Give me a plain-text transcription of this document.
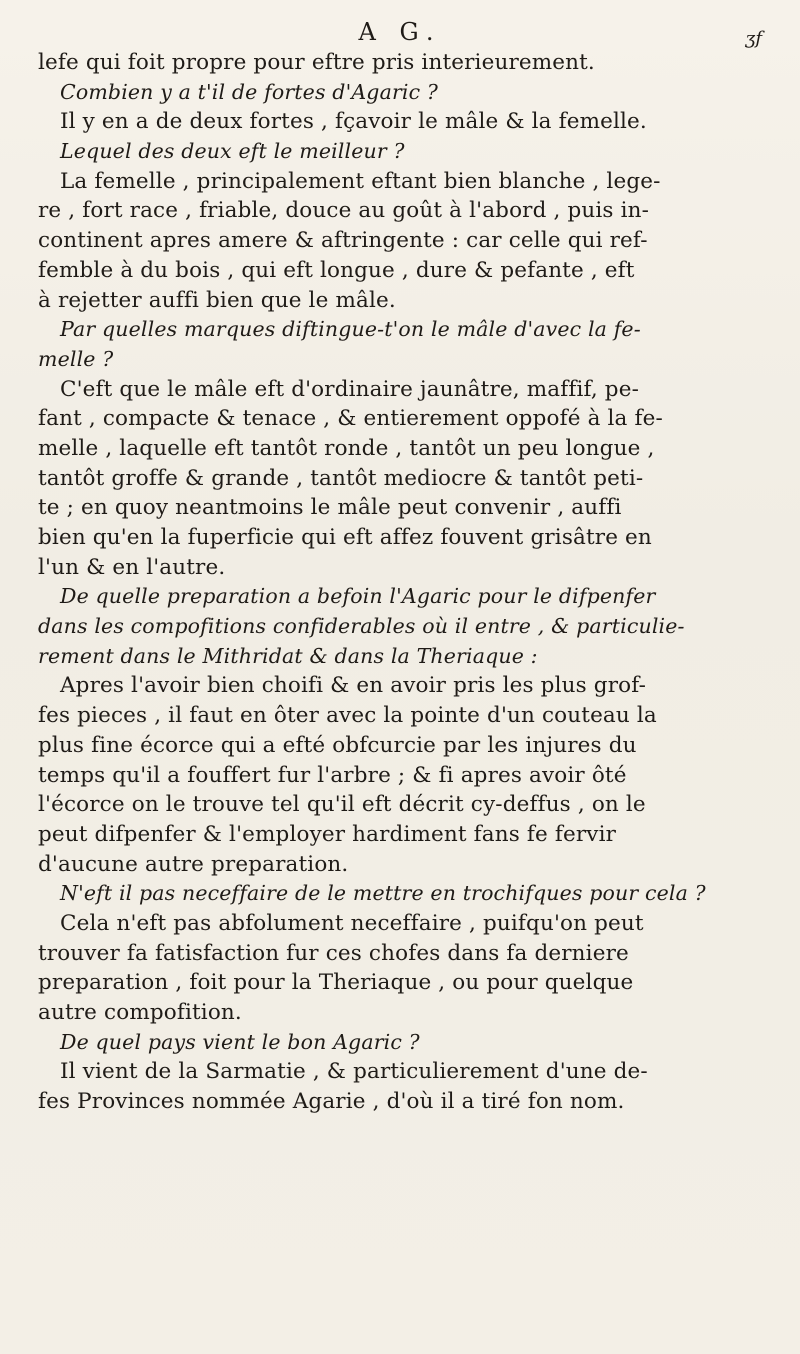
A G.	ʒf
lefe qui foit propre pour eftre pris interieurement.
Combien y a t'il de fortes d'Agaric ?
Il y en a de deux fortes , fçavoir le mâle & la femelle.
Lequel des deux eft le meilleur ?
La femelle , principalement eftant bien blanche , lege-
re , fort race , friable, douce au goût à l'abord , puis in-
continent apres amere & aftringente : car celle qui ref-
femble à du bois , qui eft longue , dure & pefante , eft
à rejetter auffi bien que le mâle.
Par quelles marques diftingue-t'on le mâle d'avec la fe-
melle ?
C'eft que le mâle eft d'ordinaire jaunâtre, maffif, pe-
fant , compacte & tenace , & entierement oppofé à la fe-
melle , laquelle eft tantôt ronde , tantôt un peu longue ,
tantôt groffe & grande , tantôt mediocre & tantôt peti-
te ; en quoy neantmoins le mâle peut convenir , auffi
bien qu'en la fuperficie qui eft affez fouvent grisâtre en
l'un & en l'autre.
De quelle preparation a befoin l'Agaric pour le difpenfer
dans les compofitions confiderables où il entre , & particulie-
rement dans le Mithridat & dans la Theriaque :
Apres l'avoir bien choifi & en avoir pris les plus grof-
fes pieces , il faut en ôter avec la pointe d'un couteau la
plus fine écorce qui a efté obfcurcie par les injures du
temps qu'il a fouffert fur l'arbre ; & fi apres avoir ôté
l'écorce on le trouve tel qu'il eft décrit cy-deffus , on le
peut difpenfer & l'employer hardiment fans fe fervir
d'aucune autre preparation.
N'eft il pas neceffaire de le mettre en trochifques pour cela ?
Cela n'eft pas abfolument neceffaire , puifqu'on peut
trouver fa fatisfaction fur ces chofes dans fa derniere
preparation , foit pour la Theriaque , ou pour quelque
autre compofition.
De quel pays vient le bon Agaric ?
Il vient de la Sarmatie , & particulierement d'une de-
fes Provinces nommée Agarie , d'où il a tiré fon nom.
